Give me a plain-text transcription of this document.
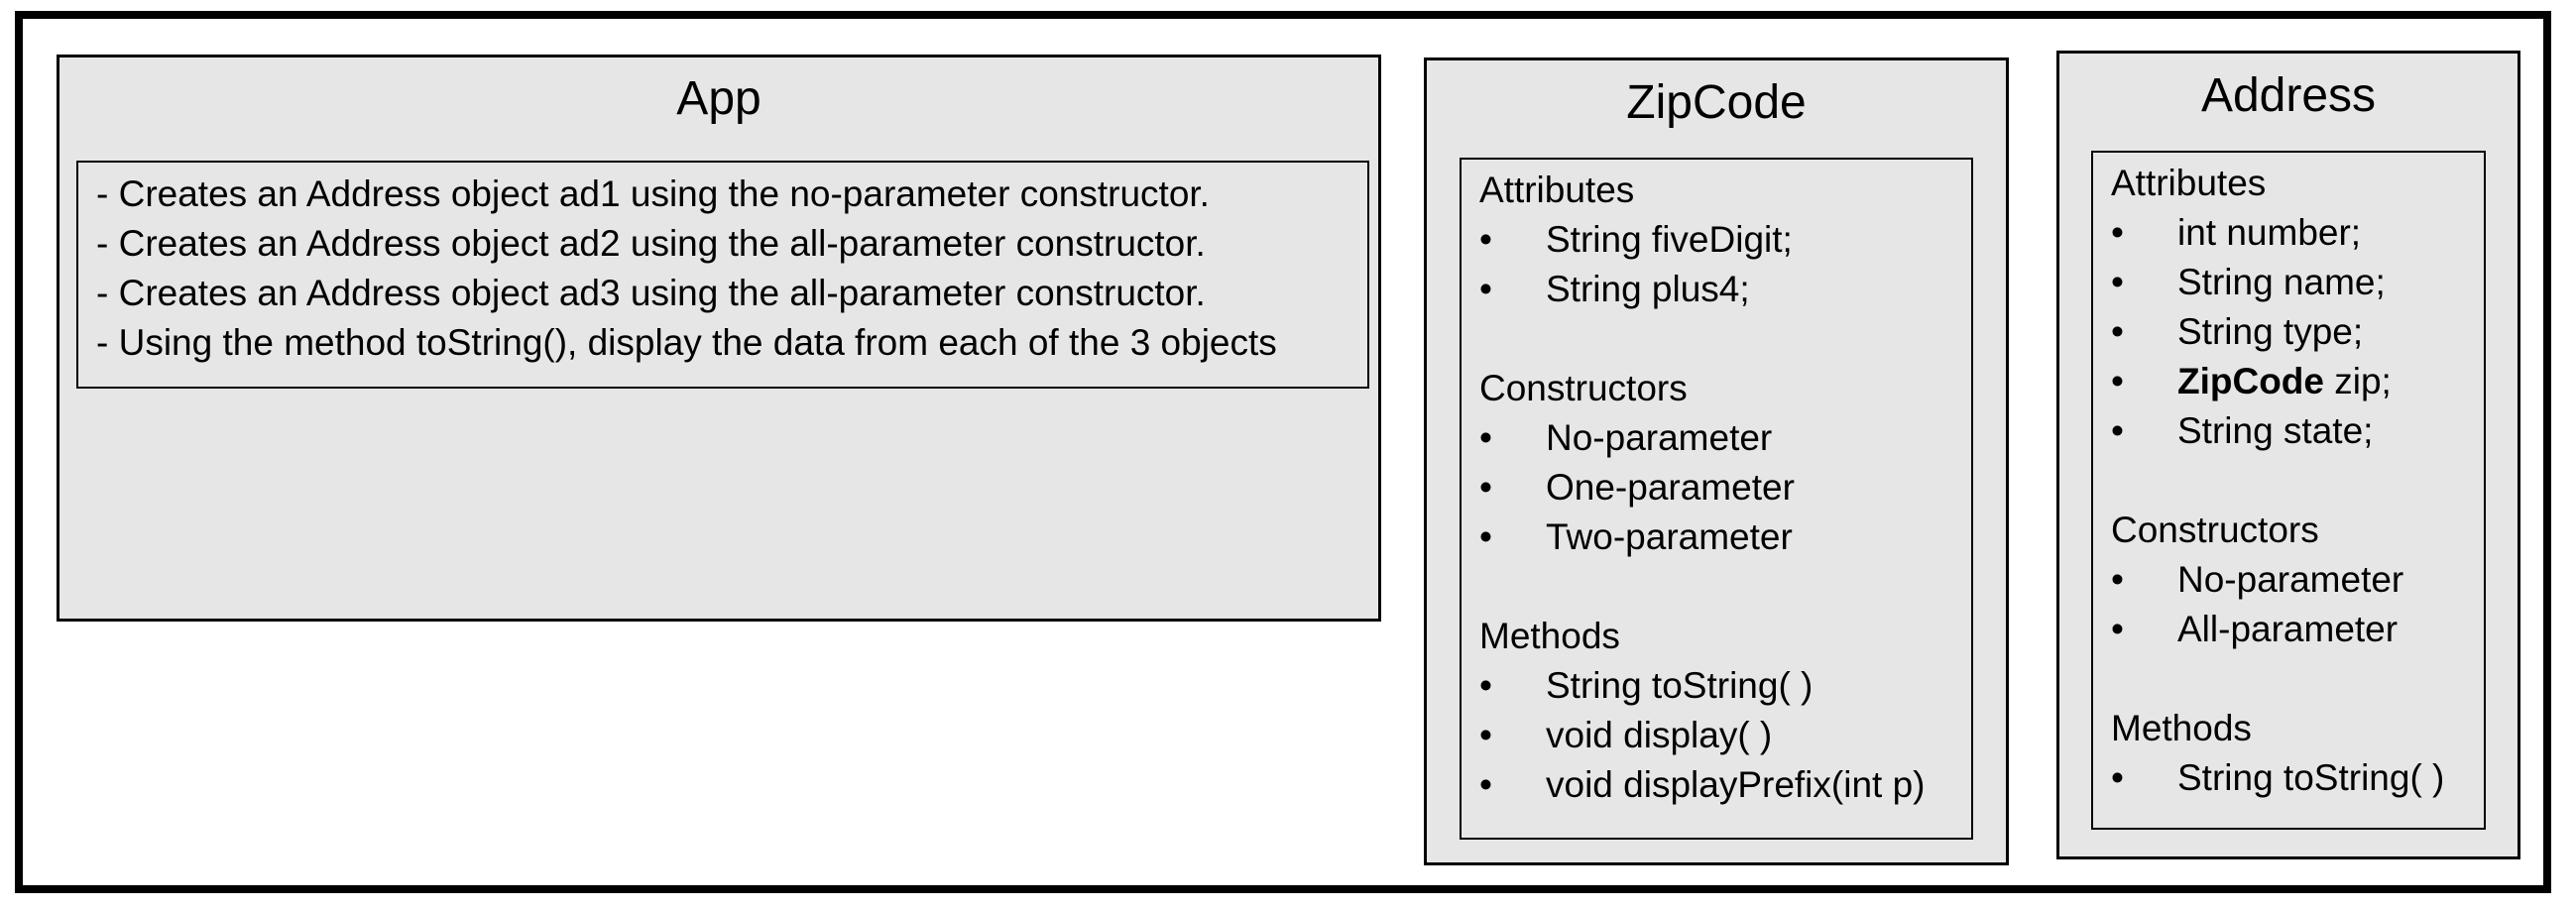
App
- Creates an Address object ad1 using the no-parameter constructor.
- Creates an Address object ad2 using the all-parameter constructor.
- Creates an Address object ad3 using the all-parameter constructor.
- Using the method toString(), display the data from each of the 3 objects
ZipCode
Attributes
•	String fiveDigit;
•	String plus4;
Constructors
•	No-parameter
•	One-parameter
•	Two-parameter
Methods
•	String toString( )
•	void display( )
•	void displayPrefix(int p)
Address
Attributes
•	int number;
•	String name;
•	String type;
•	ZipCode zip;
•	String state;
Constructors
•	No-parameter
•	All-parameter
Methods
•	String toString( )
